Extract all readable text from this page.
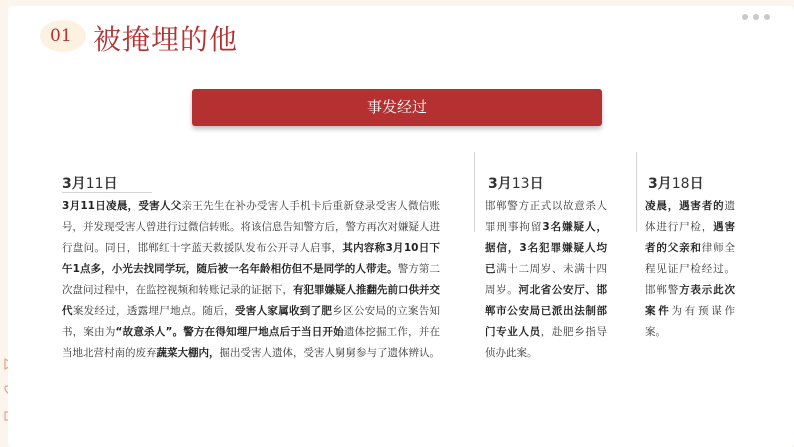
01 被掩埋的他
事发经过
3月11日
3月11日凌晨，受害人父亲王先生在补办受害人手机卡后重新登录受害人微信账号，并发现受害人曾进行过微信转账。将该信息告知警方后，警方再次对嫌疑人进行盘问。同日，邯郸红十字蓝天救援队发布公开寻人启事，其内容称3月10日下午1点多，小光去找同学玩，随后被一名年龄相仿但不是同学的人带走。警方第二次盘问过程中，在监控视频和转账记录的证据下，有犯罪嫌疑人推翻先前口供并交代案发经过，透露埋尸地点。随后，受害人家属收到了肥乡区公安局的立案告知书，案由为“故意杀人”。警方在得知埋尸地点后于当日开始遗体挖掘工作，并在当地北营村南的废弃蔬菜大棚内，掘出受害人遗体，受害人舅舅参与了遗体辨认。
3月13日
邯郸警方正式以故意杀人罪刑事拘留3名嫌疑人，据信，3名犯罪嫌疑人均已满十二周岁、未满十四周岁。河北省公安厅、邯郸市公安局已派出法制部门专业人员，赴肥乡指导侦办此案。
3月18日
凌晨，遇害者的遗体进行尸检，遇害者的父亲和律师全程见证尸检经过。邯郸警方表示此次案件为有预谋作案。
